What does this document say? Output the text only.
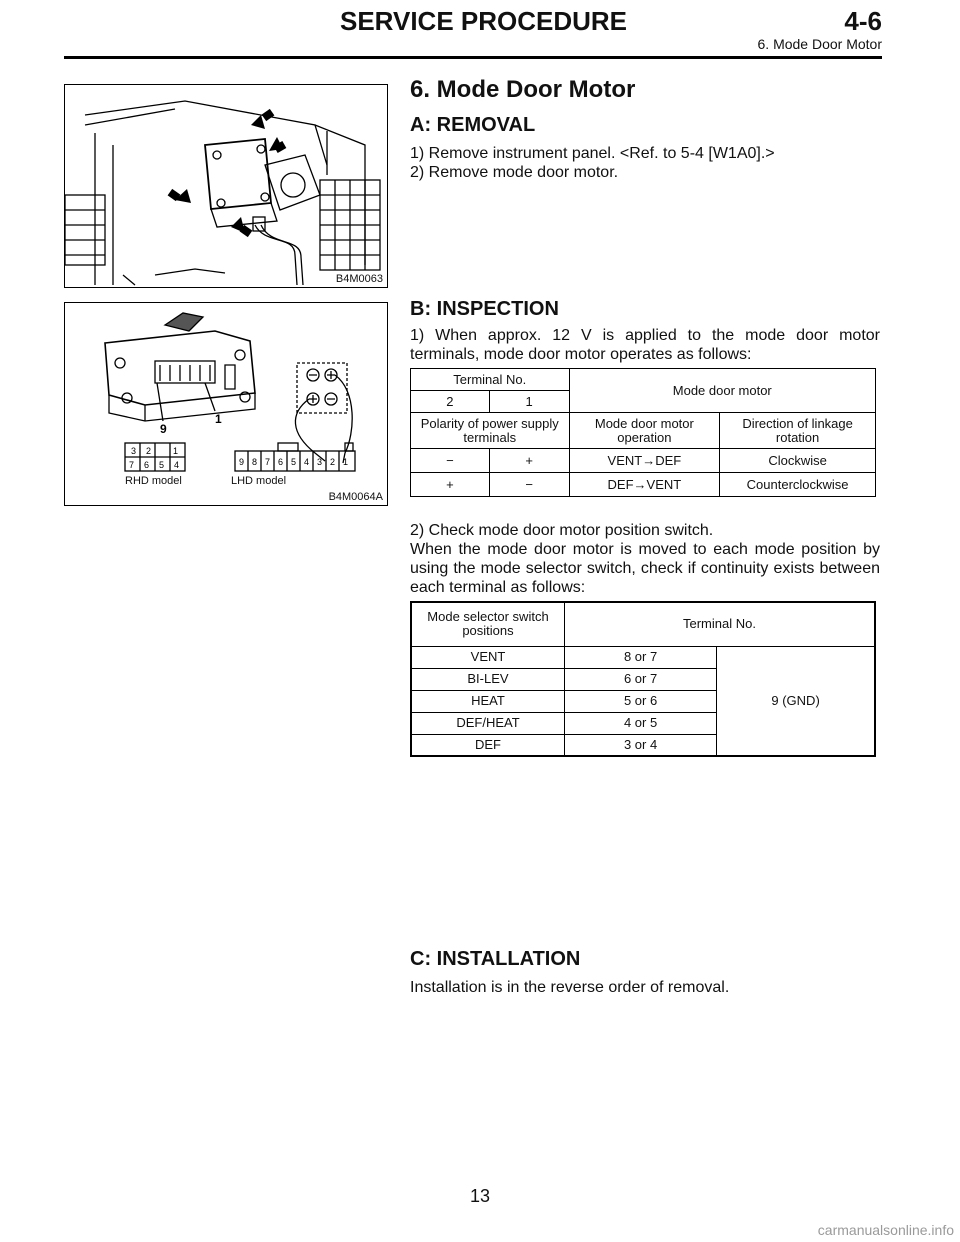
SERVICE PROCEDURE	4-6
6. Mode Door Motor
B4M0063
3 2 1
7 6 5 4	9 8 7 6 5 4 3 2 1
9
1
RHD model	LHD model
B4M0064A
6. Mode Door Motor
A: REMOVAL

1) Remove instrument panel. <Ref. to 5-4 [W1A0].>

2) Remove mode door motor.

B: INSPECTION

1) When approx. 12 V is applied to the mode door motor terminals, mode door motor operates as follows:

Terminal No.		Mode door motor	
2	1		
Polarity of power supply terminals		Mode door motor operation	Direction of linkage rotation
−	+	VENT→DEF	Clockwise
+	−	DEF→VENT	Counterclockwise

2) Check mode door motor position switch.

When the mode door motor is moved to each mode position by using the mode selector switch, check if continuity exists between each terminal as follows:

Mode selector switch positions	Terminal No.	
VENT	8 or 7	9 (GND)
BI-LEV	6 or 7	
HEAT	5 or 6	
DEF/HEAT	4 or 5	
DEF	3 or 4	
C: INSTALLATION

Installation is in the reverse order of removal.

13
carmanualsonline.info
